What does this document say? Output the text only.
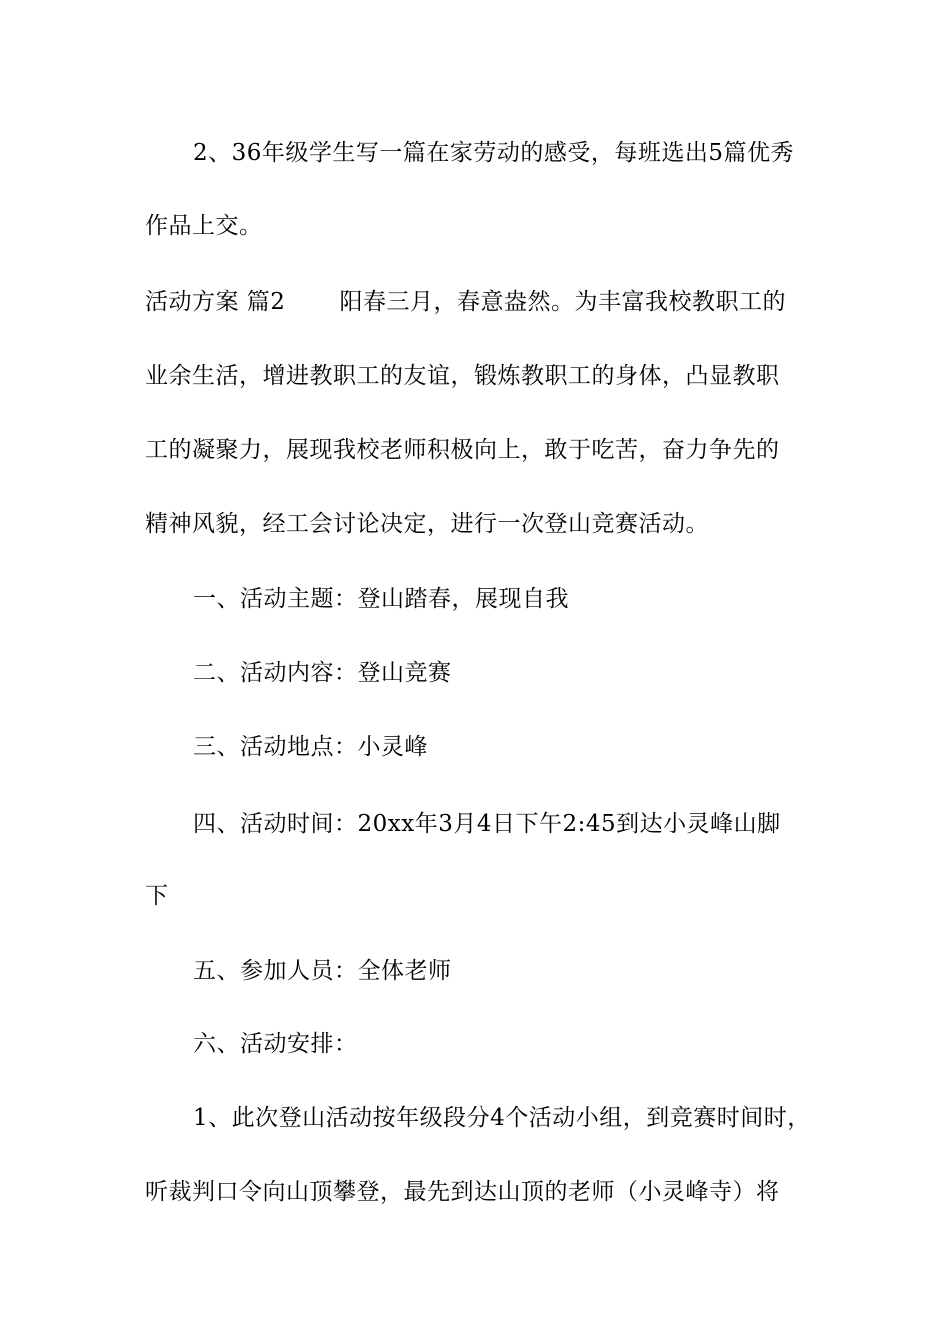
2、36年级学生写一篇在家劳动的感受，每班选出5篇优秀
作品上交。
活动方案 篇2 阳春三月，春意盎然。为丰富我校教职工的
业余生活，增进教职工的友谊，锻炼教职工的身体，凸显教职
工的凝聚力，展现我校老师积极向上，敢于吃苦，奋力争先的
精神风貌，经工会讨论决定，进行一次登山竞赛活动。
一、活动主题：登山踏春，展现自我
二、活动内容：登山竞赛
三、活动地点：小灵峰
四、活动时间：20xx年3月4日下午2:45到达小灵峰山脚
下
五、参加人员：全体老师
六、活动安排：
1、此次登山活动按年级段分4个活动小组，到竞赛时间时，
听裁判口令向山顶攀登，最先到达山顶的老师（小灵峰寺）将
